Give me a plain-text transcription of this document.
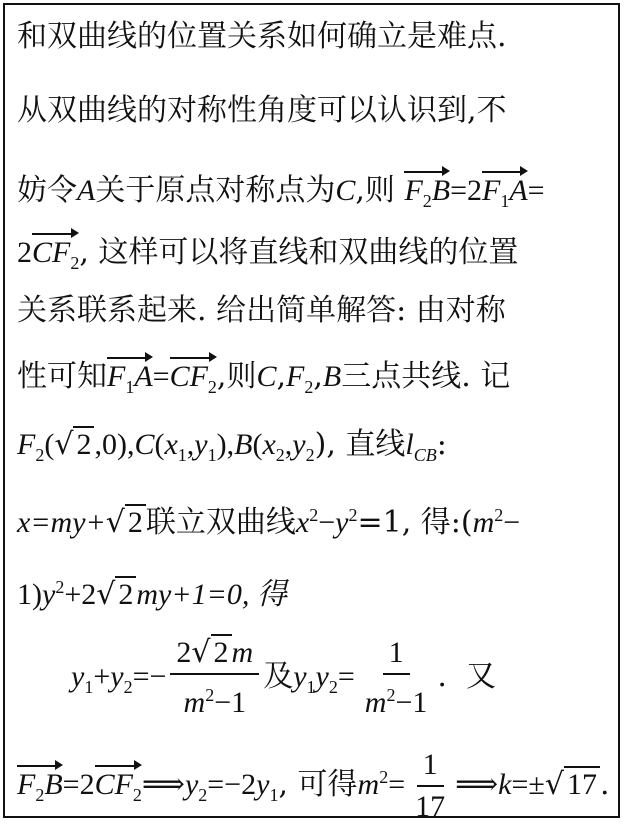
和双曲线的位置关系如何确立是难点.
从双曲线的对称性角度可以认识到,不
妨令A关于原点对称点为C,则 $F_2B=2F_1A=$
$2CF_2$, 这样可以将直线和双曲线的位置
关系联系起来. 给出简单解答: 由对称
性可知$F_1A=CF_2$,则$C,F_2,B$三点共线. 记
$F_2(√$ 2 $,0),C(x_1,y_1),B(x_2,y_2)$, 直线$l_{CB}$:
x=my+√ 2 联立双曲线$x^2-y^2=1$, 得$:(m^2-$
$1)y^2+2√$ 2 my+1=0, 得
$y_1+y_2=- \frac{2√ 2 m}{m^2-1}$ 及$y_1y_2= \frac{1}{m^2-1}$ . 又
$F_2B=2CF_2⟹y_2=-2y_1$, 可得$m^2= \frac{1}{17}$ ⟹k=±√ 17 .
